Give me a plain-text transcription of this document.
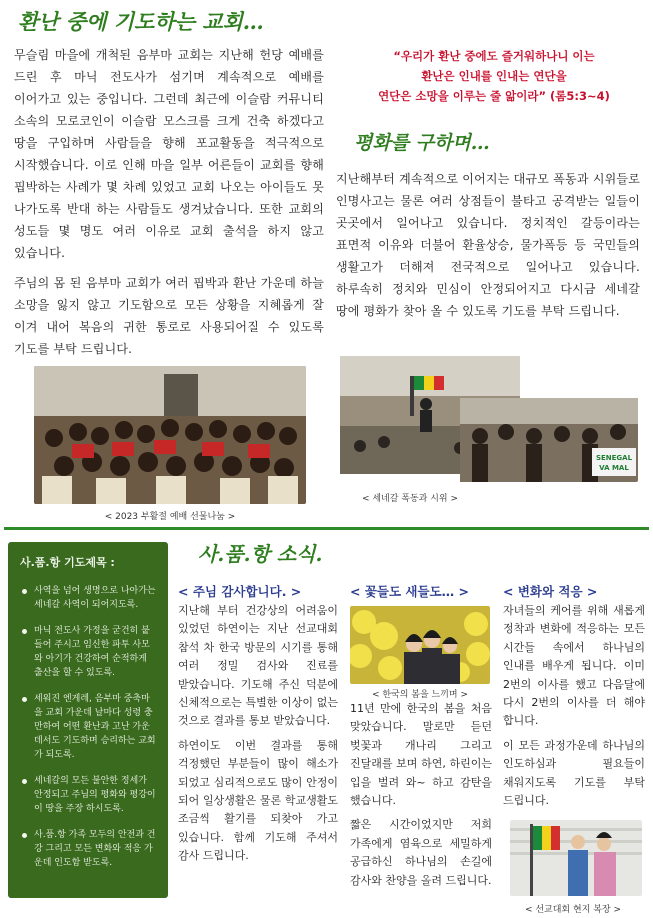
환난 중에 기도하는 교회…

무슬림 마을에 개척된 음부마 교회는 지난해 헌당 예배를 드린 후 마닉 전도사가 섬기며 계속적으로 예배를 이어가고 있는 중입니다. 그런데 최근에 이슬람 커뮤니티 소속의 모로코인이 이슬람 모스크를 크게 건축 하겠다고 땅을 구입하며 사람들을 향해 포교활동을 적극적으로 시작했습니다. 이로 인해 마을 일부 어른들이 교회를 향해 핍박하는 사례가 몇 차례 있었고 교회 나오는 아이들도 못 나가도록 반대 하는 사람들도 생겨났습니다. 또한 교회의 성도들 몇 명도 여러 이유로 교회 출석을 하지 않고 있습니다.

주님의 몸 된 음부마 교회가 여러 핍박과 환난 가운데 하늘 소망을 잃지 않고 기도함으로 모든 상황을 지혜롭게 잘 이겨 내어 복음의 귀한 통로로 사용되어질 수 있도록 기도를 부탁 드립니다.

< 2023 부활절 예배 선물나눔 >
“우리가 환난 중에도 즐거워하나니 이는
환난은 인내를 인내는 연단을
연단은 소망을 이루는 줄 앎이라” (롬5:3~4)
평화를 구하며…

지난해부터 계속적으로 이어지는 대규모 폭동과 시위들로 인명사고는 물론 여러 상점들이 불타고 공격받는 일들이 곳곳에서 일어나고 있습니다. 정치적인 갈등이라는 표면적 이유와 더불어 환율상승, 물가폭등 등 국민들의 생활고가 더해져 전국적으로 일어나고 있습니다. 하루속히 정치와 민심이 안정되어지고 다시금 세네갈 땅에 평화가 찾아 올 수 있도록 기도를 부탁 드립니다.

SENEGAL
VA MAL
< 세네갈 폭동과 시위 >
사.품.항 기도제목 :
사역을 넘어 생명으로 나아가는 세네갈 사역이 되어지도록.
마닉 전도사 가정을 굳건히 붙들어 주시고 임신한 파투 사모와 아기가 건강하여 순적하게 출산을 할 수 있도록.
세워진 엔게레, 음부마 중축마을 교회 가운데 날마다 성령 충만하여 어떤 환난과 고난 가운데서도 기도하며 승리하는 교회가 되도록.
세네갈의 모든 불안한 정세가 안정되고 주님의 평화와 평강이 이 땅을 주장 하시도록.
사.품.항 가족 모두의 안전과 건강 그리고 모든 변화와 적응 가운데 인도함 받도록.
사.품.항 소식.
< 주님 감사합니다. >

지난해 부터 건강상의 어려움이 있었던 하연이는 지난 선교대회 참석 차 한국 방문의 시기를 통해 여러 정밀 검사와 진료를 받았습니다. 기도해 주신 덕분에 신체적으로는 특별한 이상이 없는 것으로 결과를 통보 받았습니다.

하연이도 이번 결과를 통해 걱정했던 부분들이 많이 해소가 되었고 심리적으로도 많이 안정이 되어 일상생활은 물론 학교생활도 조금씩 활기를 되찾아 가고 있습니다. 함께 기도해 주셔서 감사 드립니다.

< 꽃들도 새들도… >
< 한국의 봄을 느끼며 >

11년 만에 한국의 봄을 처음 맞았습니다. 말로만 듣던 벚꽃과 개나리 그리고 진달래를 보며 하연, 하린이는 입을 벌려 와~ 하고 감탄을 했습니다.

짧은 시간이었지만 저희 가족에게 염육으로 세밀하게 공급하신 하나님의 손길에 감사와 찬양을 올려 드립니다.

< 변화와 적응 >

자녀들의 케어를 위해 새롭게 정착과 변화에 적응하는 모든 시간들 속에서 하나님의 인내를 배우게 됩니다. 이미 2번의 이사를 했고 다음달에 다시 2번의 이사를 더 해야 합니다.

이 모든 과정가운데 하나님의 인도하심과 필요들이 채워지도록 기도를 부탁 드립니다.

< 선교대회 현지 복장 >
